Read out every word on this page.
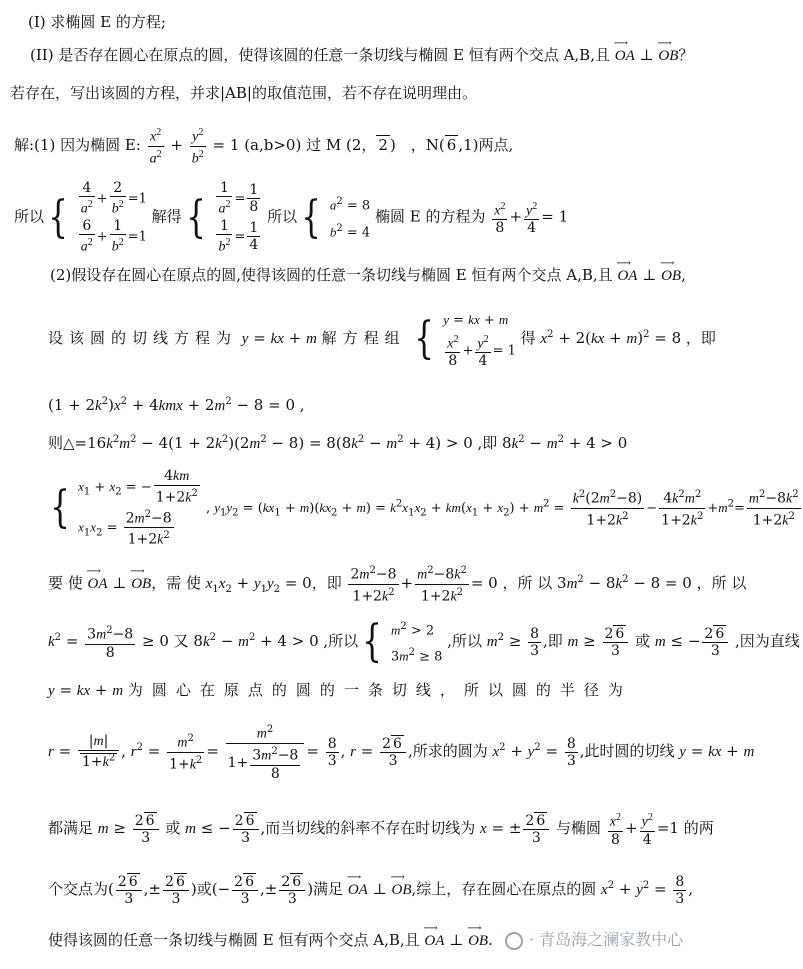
(I) 求椭圆 E 的方程;
(II) 是否存在圆心在原点的圆，使得该圆的任意一条切线与椭圆 E 恒有两个交点 A,B,且 ⟶ OA ⊥ ⟶ OB？
若存在，写出该圆的方程，并求|AB|的取值范围，若不存在说明理由。
解:(1) 因为椭圆 E: $\frac{x^2}{a^2} + \frac{y^2}{b^2} = 1$ (a,b>0) 过 M (2， 2 )　，N( 6 ,1)两点,
所以{ $\frac{4}{a^2} + \frac{2}{b^2} =1$
$\frac{6}{a^2} + \frac{1}{b^2} =1$
解得{ $\frac{1}{a^2} = \frac{1}{8}$
$\frac{1}{b^2} = \frac{1}{4}$
所以{ $a^2 = 8$
$b^2 = 4$
椭圆 E 的方程为 $\frac{x^2}{8} + \frac{y^2}{4} = 1$
(2)假设存在圆心在原点的圆,使得该圆的任意一条切线与椭圆 E 恒有两个交点 A,B,且 ⟶ OA ⊥ ⟶ OB,
设该圆的切线方程为 y = kx + m 解方程组 { y = kx + m
$\frac{x^2}{8} + \frac{y^2}{4} = 1$
得 $x^2 + 2(kx + m)^2 = 8$ ，即
$(1 + 2k^2)x^2 + 4kmx + 2m^2 - 8 = 0$ ,
则$\triangle=16k^2m^2 - 4(1 + 2k^2)(2m^2 - 8) = 8(8k^2 - m^2 + 4) > 0$ ,即 $8k^2 - m^2 + 4 > 0$
{ $x_1 + x_2$ = − $\frac{4km}{1+2k^2}$
$x_1x_2 = \frac{2m^2-8}{1+2k^2}$ , $y_1y_2 = (kx_1 + m)(kx_2 + m) = k^2x_1x_2 + km(x_1 + x_2) + m^2 = \frac{k^2(2m^2-8)}{1+2k^2} - \frac{4k^2m^2}{1+2k^2} +m^2= \frac{m^2-8k^2}{1+2k^2}$
要 使 ⟶ OA ⊥ ⟶ OB，需 使 $x_1x_2 + y_1y_2 = 0$，即 $\frac{2m^2-8}{1+2k^2} + \frac{m^2-8k^2}{1+2k^2} = 0$ ，所 以 $3m^2 - 8k^2 - 8 = 0$ ，所 以
$k^2 = \frac{3m^2-8}{8} \ge 0$ 又 $8k^2 - m^2 + 4 > 0$ ,所以{ $m^2 > 2$
$3m^2 \ge 8$
,所以 $m^2 \ge \frac{8}{3}$ ,即 $m \ge \frac{2 6}{3}$ 或 m ≤ − $\frac{2 6}{3}$ ,因为直线
y = kx + m 为圆心在原点的圆的一条切线，所以圆的半径为
$r = \frac{|m|}{1+k^2}$ , $r^2 = \frac{m^2}{1+k^2} = \frac{m^2}{1+ \frac{3m^2-8}{8}} = \frac{8}{3}$ , $r = \frac{2 6}{3}$ ,所求的圆为 $x^2 + y^2 = \frac{8}{3}$ ,此时圆的切线 y = kx + m
都满足 $m \ge \frac{2 6}{3}$ 或 m ≤ − $\frac{2 6}{3}$ ,而当切线的斜率不存在时切线为 x = ± $\frac{2 6}{3}$ 与椭圆 $\frac{x^2}{8} + \frac{y^2}{4} =1$ 的两
个交点为( $\frac{2 6}{3}$ ,± $\frac{2 6}{3}$ )或(− $\frac{2 6}{3}$ ,± $\frac{2 6}{3}$ )满足 ⟶ OA ⊥ ⟶ OB,综上，存在圆心在原点的圆 $x^2 + y^2 = \frac{8}{3}$ ,
使得该圆的任意一条切线与椭圆 E 恒有两个交点 A,B,且 ⟶ OA ⊥ ⟶ OB.	· 青岛海之澜家教中心
